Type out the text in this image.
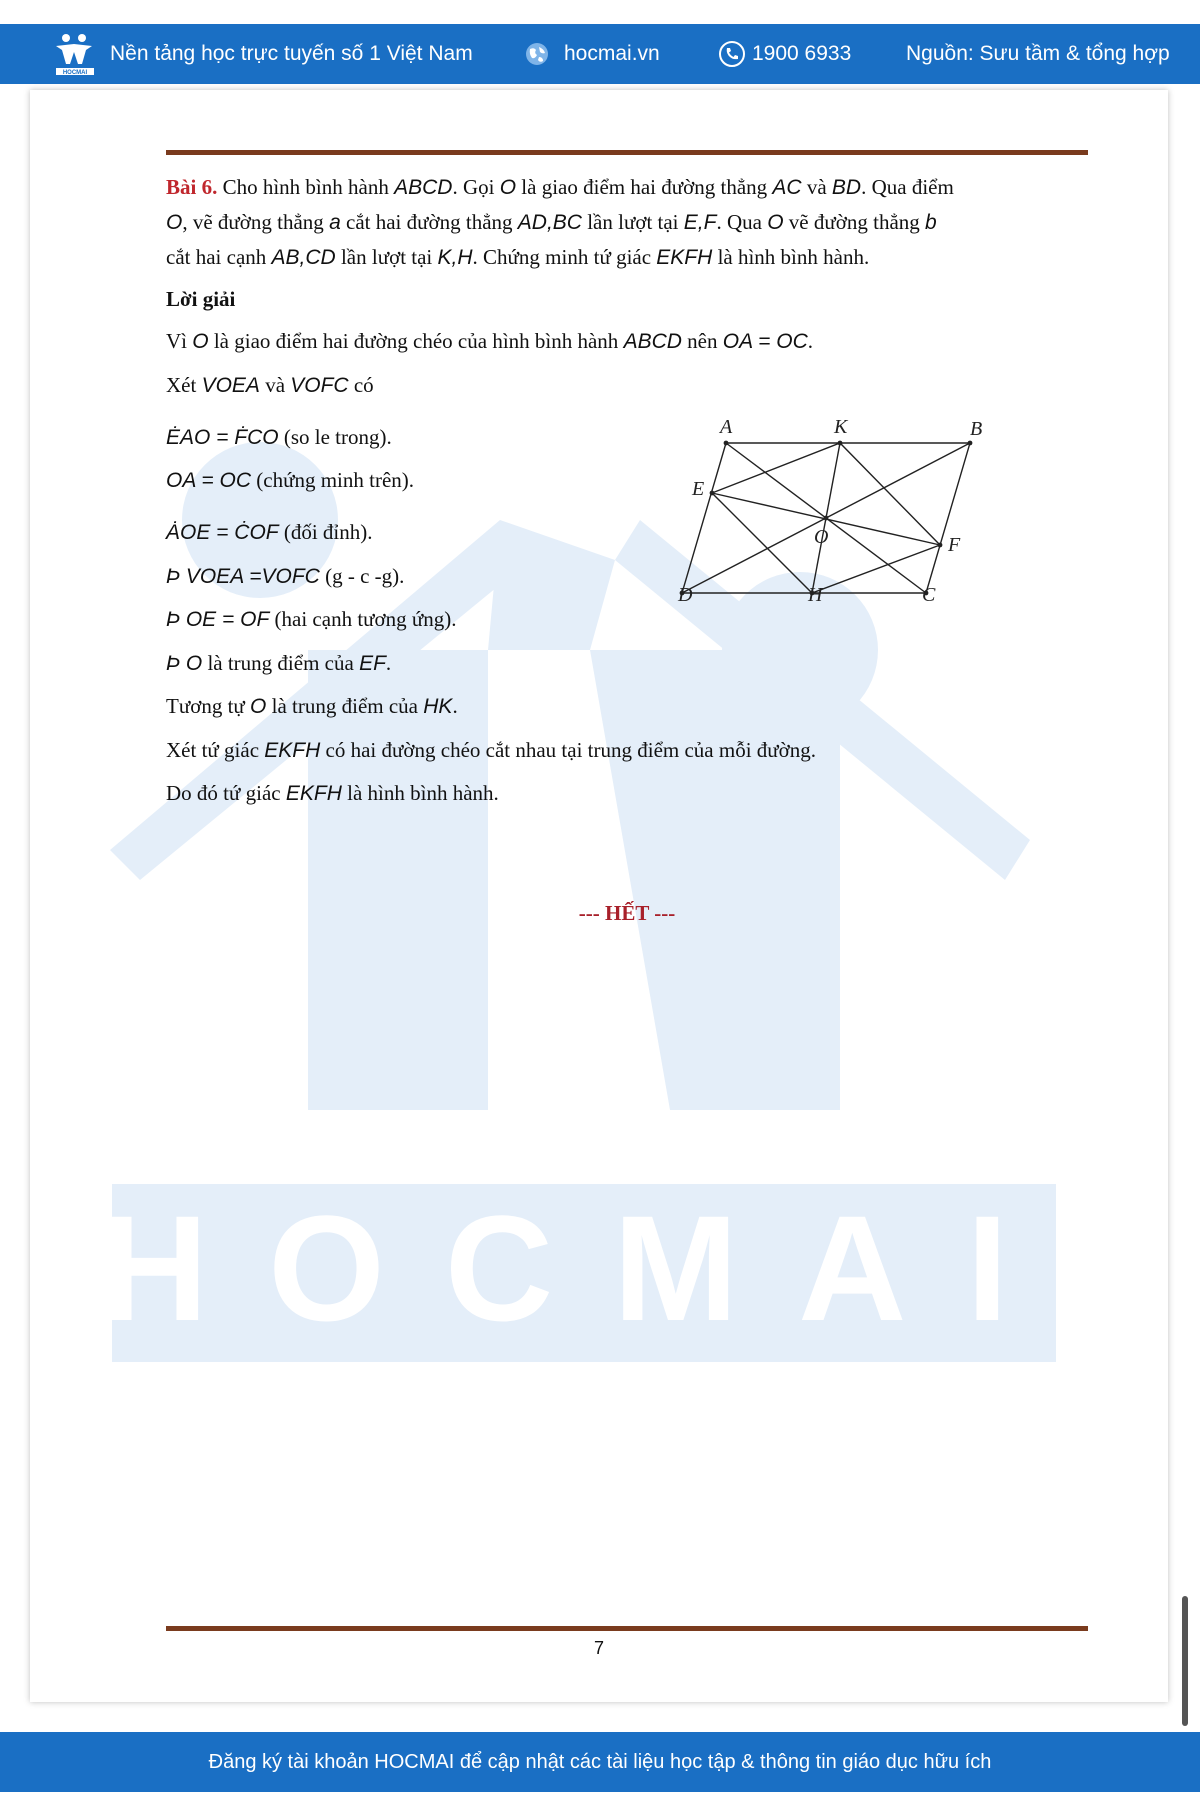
HOCMAI
Nền tảng học trực tuyến số 1 Việt Nam	hocmai.vn	1900 6933	Nguồn: Sưu tầm & tổng hợp
HOCMAI

Bài 6. Cho hình bình hành ABCD. Gọi O là giao điểm hai đường thẳng AC và BD. Qua điểm

O, vẽ đường thẳng a cắt hai đường thẳng AD,BC lần lượt tại E,F. Qua O vẽ đường thẳng b

cắt hai cạnh AB,CD lần lượt tại K,H. Chứng minh tứ giác EKFH là hình bình hành.

Lời giải
Vì O là giao điểm hai đường chéo của hình bình hành ABCD nên OA = OC.
Xét VOEA và VOFC có
ĖAO = ḞCO (so le trong).
OA = OC (chứng minh trên).
ȦOE = ĊOF (đối đỉnh).
Þ VOEA =VOFC (g - c -g).
Þ OE = OF (hai cạnh tương ứng).
Þ O là trung điểm của EF.
Tương tự O là trung điểm của HK.
Xét tứ giác EKFH có hai đường chéo cắt nhau tại trung điểm của mỗi đường.
Do đó tứ giác EKFH là hình bình hành.
--- HẾT ---
A	K	B
E
O	F
D	H	C
7
Đăng ký tài khoản HOCMAI để cập nhật các tài liệu học tập & thông tin giáo dục hữu ích
